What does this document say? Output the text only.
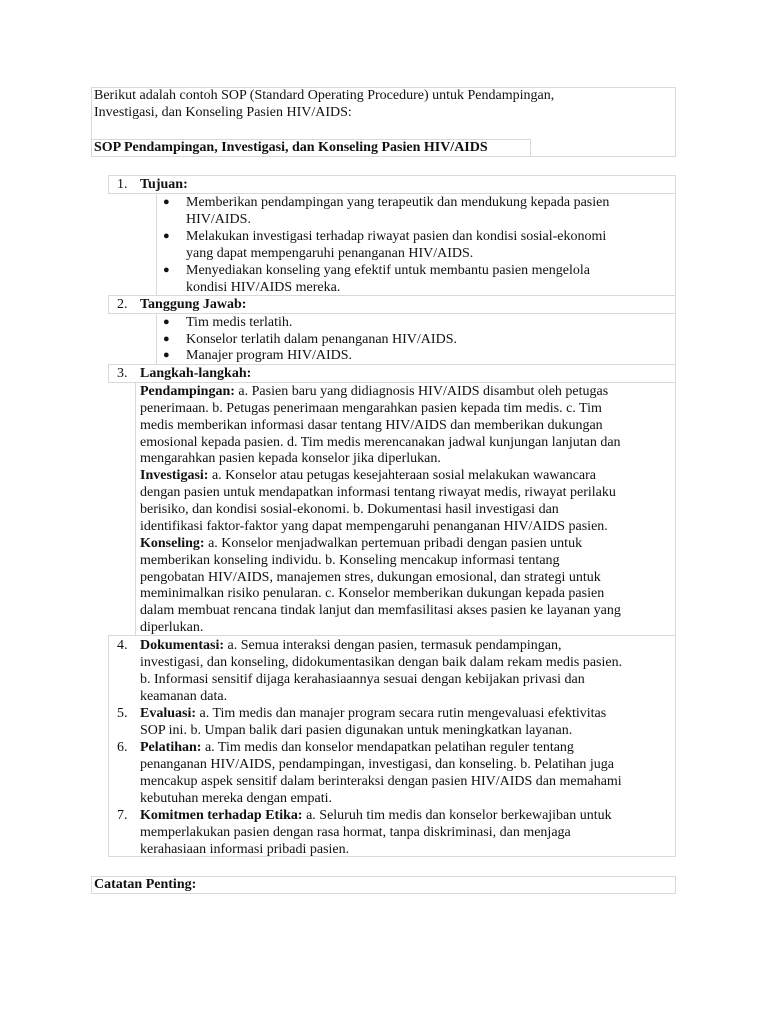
Berikut adalah contoh SOP (Standard Operating Procedure) untuk Pendampingan,
Investigasi, dan Konseling Pasien HIV/AIDS:
SOP Pendampingan, Investigasi, dan Konseling Pasien HIV/AIDS
1. Tujuan:
● Memberikan pendampingan yang terapeutik dan mendukung kepada pasien
HIV/AIDS.
● Melakukan investigasi terhadap riwayat pasien dan kondisi sosial-ekonomi
yang dapat mempengaruhi penanganan HIV/AIDS.
● Menyediakan konseling yang efektif untuk membantu pasien mengelola
kondisi HIV/AIDS mereka.
2. Tanggung Jawab:
● Tim medis terlatih.
● Konselor terlatih dalam penanganan HIV/AIDS.
● Manajer program HIV/AIDS.
3. Langkah-langkah:
Pendampingan: a. Pasien baru yang didiagnosis HIV/AIDS disambut oleh petugas
penerimaan. b. Petugas penerimaan mengarahkan pasien kepada tim medis. c. Tim
medis memberikan informasi dasar tentang HIV/AIDS dan memberikan dukungan
emosional kepada pasien. d. Tim medis merencanakan jadwal kunjungan lanjutan dan
mengarahkan pasien kepada konselor jika diperlukan.
Investigasi: a. Konselor atau petugas kesejahteraan sosial melakukan wawancara
dengan pasien untuk mendapatkan informasi tentang riwayat medis, riwayat perilaku
berisiko, dan kondisi sosial-ekonomi. b. Dokumentasi hasil investigasi dan
identifikasi faktor-faktor yang dapat mempengaruhi penanganan HIV/AIDS pasien.
Konseling: a. Konselor menjadwalkan pertemuan pribadi dengan pasien untuk
memberikan konseling individu. b. Konseling mencakup informasi tentang
pengobatan HIV/AIDS, manajemen stres, dukungan emosional, dan strategi untuk
meminimalkan risiko penularan. c. Konselor memberikan dukungan kepada pasien
dalam membuat rencana tindak lanjut dan memfasilitasi akses pasien ke layanan yang
diperlukan.
4. Dokumentasi: a. Semua interaksi dengan pasien, termasuk pendampingan,
investigasi, dan konseling, didokumentasikan dengan baik dalam rekam medis pasien.
b. Informasi sensitif dijaga kerahasiaannya sesuai dengan kebijakan privasi dan
keamanan data.
5. Evaluasi: a. Tim medis dan manajer program secara rutin mengevaluasi efektivitas
SOP ini. b. Umpan balik dari pasien digunakan untuk meningkatkan layanan.
6. Pelatihan: a. Tim medis dan konselor mendapatkan pelatihan reguler tentang
penanganan HIV/AIDS, pendampingan, investigasi, dan konseling. b. Pelatihan juga
mencakup aspek sensitif dalam berinteraksi dengan pasien HIV/AIDS dan memahami
kebutuhan mereka dengan empati.
7. Komitmen terhadap Etika: a. Seluruh tim medis dan konselor berkewajiban untuk
memperlakukan pasien dengan rasa hormat, tanpa diskriminasi, dan menjaga
kerahasiaan informasi pribadi pasien.
Catatan Penting:
